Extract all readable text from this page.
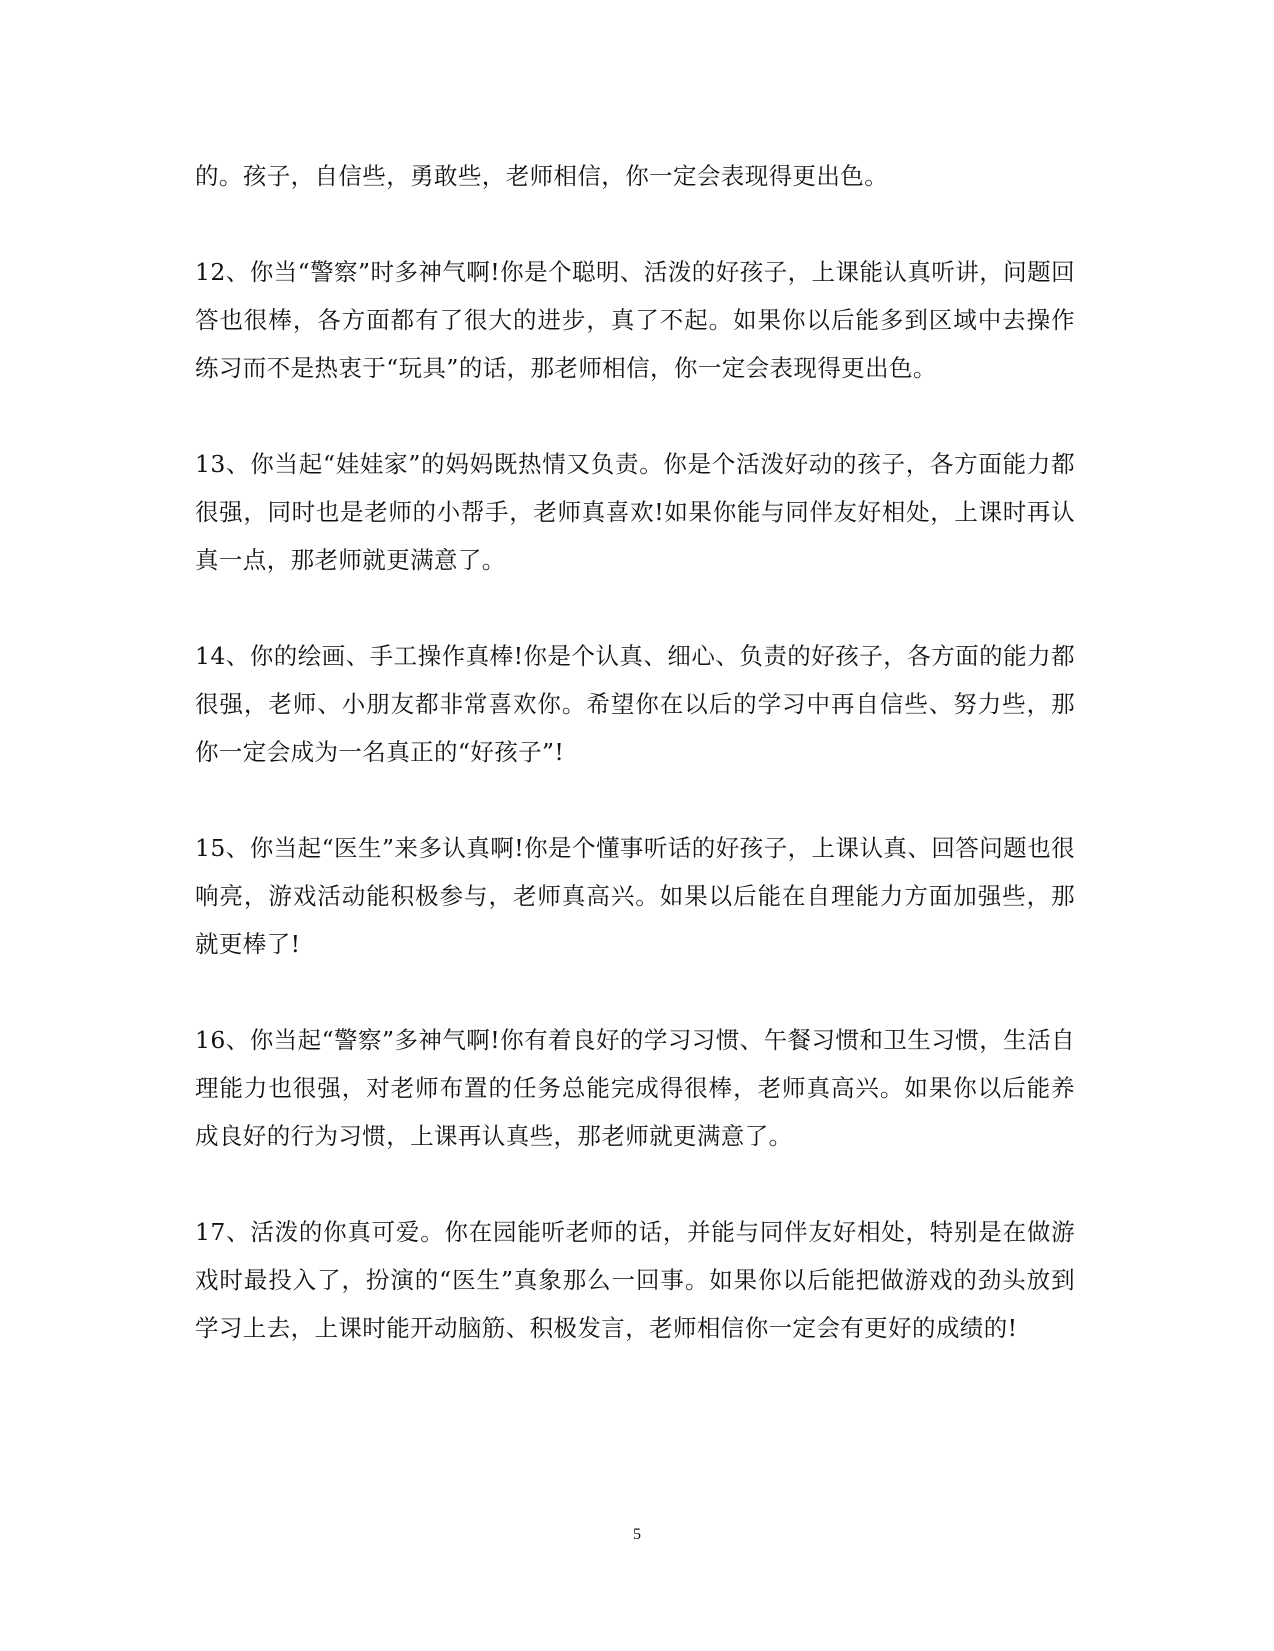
的。孩子，自信些，勇敢些，老师相信，你一定会表现得更出色。

12、你当“警察”时多神气啊!你是个聪明、活泼的好孩子，上课能认真听讲，问题回答也很棒，各方面都有了很大的进步，真了不起。如果你以后能多到区域中去操作练习而不是热衷于“玩具”的话，那老师相信，你一定会表现得更出色。

13、你当起“娃娃家”的妈妈既热情又负责。你是个活泼好动的孩子，各方面能力都很强，同时也是老师的小帮手，老师真喜欢!如果你能与同伴友好相处，上课时再认真一点，那老师就更满意了。

14、你的绘画、手工操作真棒!你是个认真、细心、负责的好孩子，各方面的能力都很强，老师、小朋友都非常喜欢你。希望你在以后的学习中再自信些、努力些，那你一定会成为一名真正的“好孩子”!

15、你当起“医生”来多认真啊!你是个懂事听话的好孩子，上课认真、回答问题也很响亮，游戏活动能积极参与，老师真高兴。如果以后能在自理能力方面加强些，那就更棒了!

16、你当起“警察”多神气啊!你有着良好的学习习惯、午餐习惯和卫生习惯，生活自理能力也很强，对老师布置的任务总能完成得很棒，老师真高兴。如果你以后能养成良好的行为习惯，上课再认真些，那老师就更满意了。

17、活泼的你真可爱。你在园能听老师的话，并能与同伴友好相处，特别是在做游戏时最投入了，扮演的“医生”真象那么一回事。如果你以后能把做游戏的劲头放到学习上去，上课时能开动脑筋、积极发言，老师相信你一定会有更好的成绩的!

5
